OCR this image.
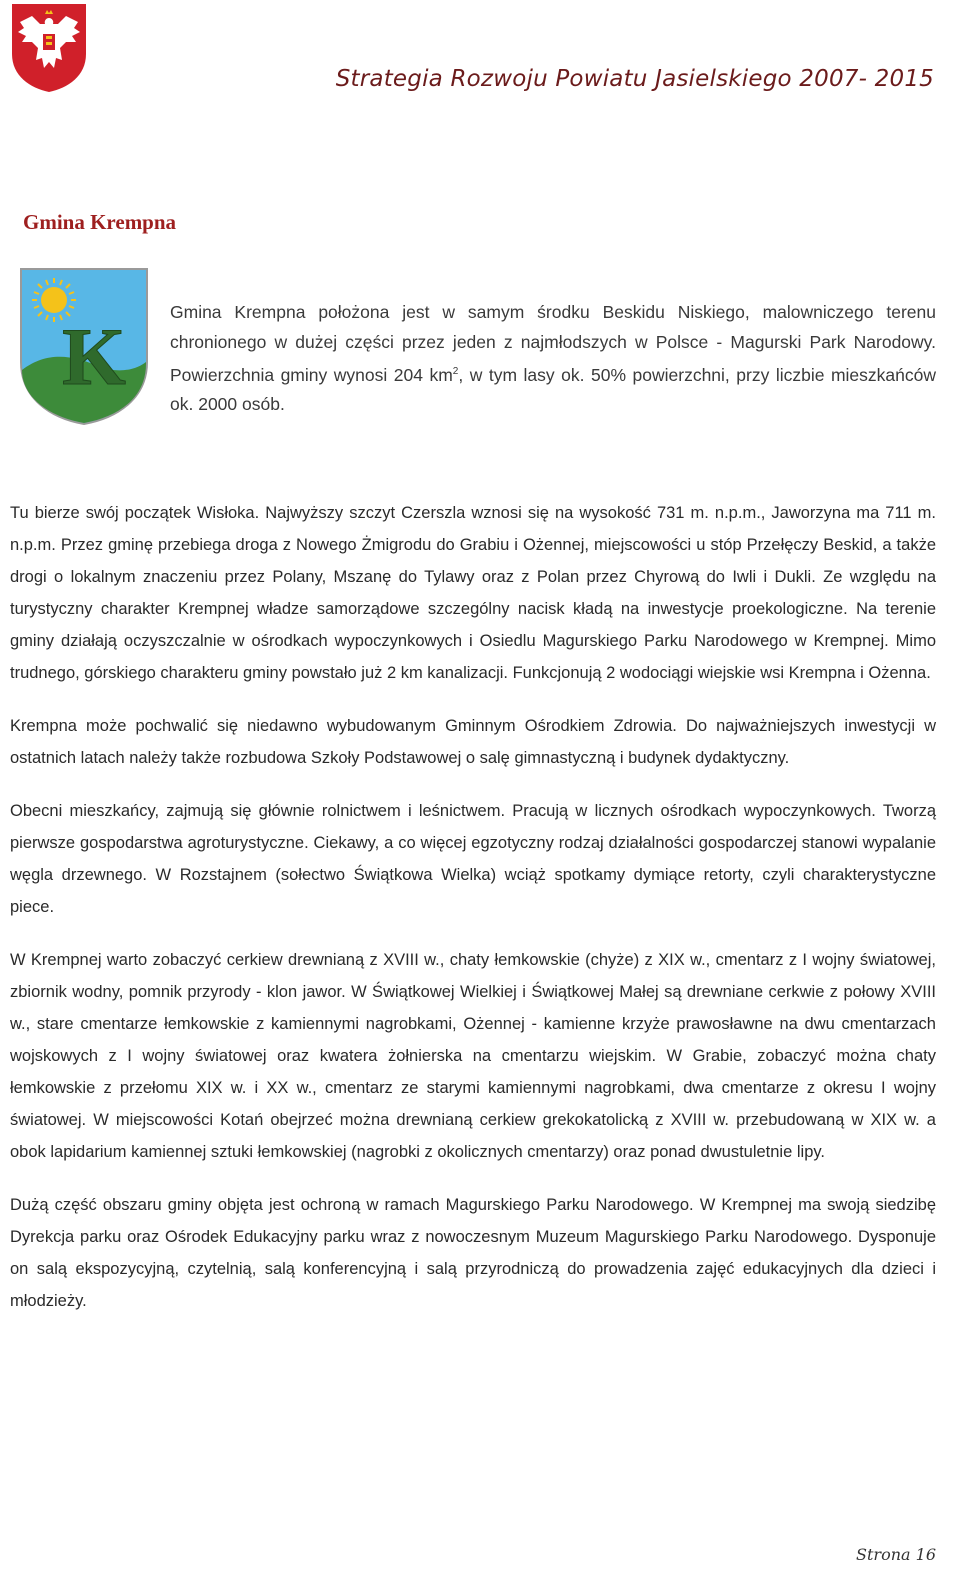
Strategia Rozwoju Powiatu Jasielskiego 2007- 2015
Gmina Krempna
K	Gmina Krempna położona jest w samym środku Beskidu Niskiego, malowniczego terenu chronionego w dużej części przez jeden z najmłodszych w Polsce - Magurski Park Narodowy. Powierzchnia gminy wynosi 204 $km^2$, w tym lasy ok. 50% powierzchni, przy liczbie mieszkańców ok. 2000 osób.

Tu bierze swój początek Wisłoka. Najwyższy szczyt Czerszla wznosi się na wysokość 731 m. n.p.m., Jaworzyna ma 711 m. n.p.m. Przez gminę przebiega droga z Nowego Żmigrodu do Grabiu i Ożennej, miejscowości u stóp Przełęczy Beskid, a także drogi o lokalnym znaczeniu przez Polany, Mszanę do Tylawy oraz z Polan przez Chyrową do Iwli i Dukli. Ze względu na turystyczny charakter Krempnej władze samorządowe szczególny nacisk kładą na inwestycje proekologiczne. Na terenie gminy działają oczyszczalnie w ośrodkach wypoczynkowych i Osiedlu Magurskiego Parku Narodowego w Krempnej. Mimo trudnego, górskiego charakteru gminy powstało już 2 km kanalizacji. Funkcjonują 2 wodociągi wiejskie wsi Krempna i Ożenna.

Krempna może pochwalić się niedawno wybudowanym Gminnym Ośrodkiem Zdrowia. Do najważniejszych inwestycji w ostatnich latach należy także rozbudowa Szkoły Podstawowej o salę gimnastyczną i budynek dydaktyczny.

Obecni mieszkańcy, zajmują się głównie rolnictwem i leśnictwem. Pracują w licznych ośrodkach wypoczynkowych. Tworzą pierwsze gospodarstwa agroturystyczne. Ciekawy, a co więcej egzotyczny rodzaj działalności gospodarczej stanowi wypalanie węgla drzewnego. W Rozstajnem (sołectwo Świątkowa Wielka) wciąż spotkamy dymiące retorty, czyli charakterystyczne piece.

W Krempnej warto zobaczyć cerkiew drewnianą z XVIII w., chaty łemkowskie (chyże) z XIX w., cmentarz z I wojny światowej, zbiornik wodny, pomnik przyrody - klon jawor. W Świątkowej Wielkiej i Świątkowej Małej są drewniane cerkwie z połowy XVIII w., stare cmentarze łemkowskie z kamiennymi nagrobkami, Ożennej - kamienne krzyże prawosławne na dwu cmentarzach wojskowych z I wojny światowej oraz kwatera żołnierska na cmentarzu wiejskim. W Grabie, zobaczyć można chaty łemkowskie z przełomu XIX w. i XX w., cmentarz ze starymi kamiennymi nagrobkami, dwa cmentarze z okresu I wojny światowej. W miejscowości Kotań obejrzeć można drewnianą cerkiew grekokatolicką z XVIII w. przebudowaną w XIX w. a obok lapidarium kamiennej sztuki łemkowskiej (nagrobki z okolicznych cmentarzy) oraz ponad dwustuletnie lipy.

Dużą część obszaru gminy objęta jest ochroną w ramach Magurskiego Parku Narodowego. W Krempnej ma swoją siedzibę Dyrekcja parku oraz Ośrodek Edukacyjny parku wraz z nowoczesnym Muzeum Magurskiego Parku Narodowego. Dysponuje on salą ekspozycyjną, czytelnią, salą konferencyjną i salą przyrodniczą do prowadzenia zajęć edukacyjnych dla dzieci i młodzieży.

Strona 16
